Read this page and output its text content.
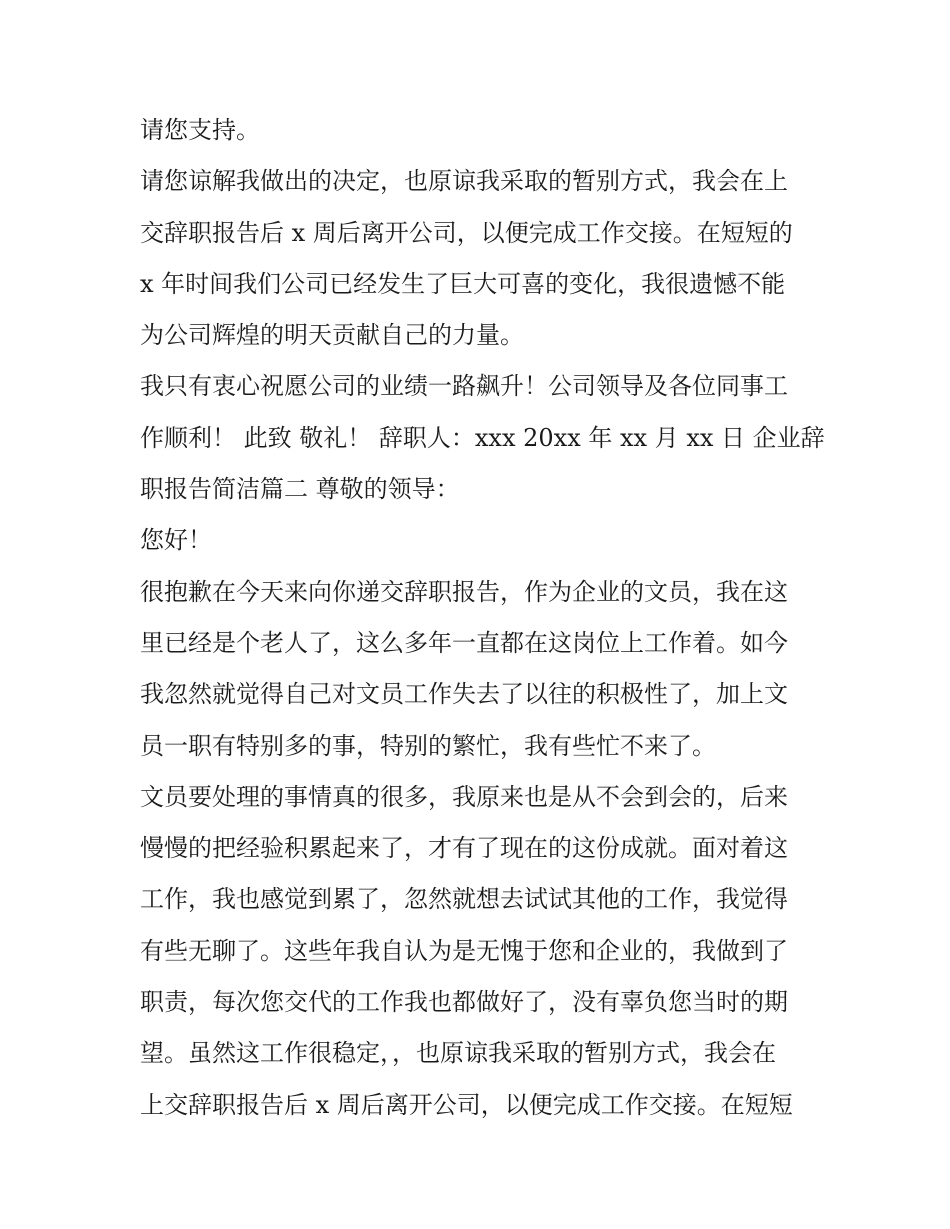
请您支持。
请您谅解我做出的决定，也原谅我采取的暂别方式，我会在上
交辞职报告后 x 周后离开公司，以便完成工作交接。在短短的
x 年时间我们公司已经发生了巨大可喜的变化，我很遗憾不能
为公司辉煌的明天贡献自己的力量。
我只有衷心祝愿公司的业绩一路飙升！公司领导及各位同事工
作顺利！ 此致 敬礼！ 辞职人：xxx 20xx 年 xx 月 xx 日 企业辞
职报告简洁篇二 尊敬的领导：
您好！
很抱歉在今天来向你递交辞职报告，作为企业的文员，我在这
里已经是个老人了，这么多年一直都在这岗位上工作着。如今
我忽然就觉得自己对文员工作失去了以往的积极性了，加上文
员一职有特别多的事，特别的繁忙，我有些忙不来了。
文员要处理的事情真的很多，我原来也是从不会到会的，后来
慢慢的把经验积累起来了，才有了现在的这份成就。面对着这
工作，我也感觉到累了，忽然就想去试试其他的工作，我觉得
有些无聊了。这些年我自认为是无愧于您和企业的，我做到了
职责，每次您交代的工作我也都做好了，没有辜负您当时的期
望。虽然这工作很稳定，，也原谅我采取的暂别方式，我会在
上交辞职报告后 x 周后离开公司，以便完成工作交接。在短短
